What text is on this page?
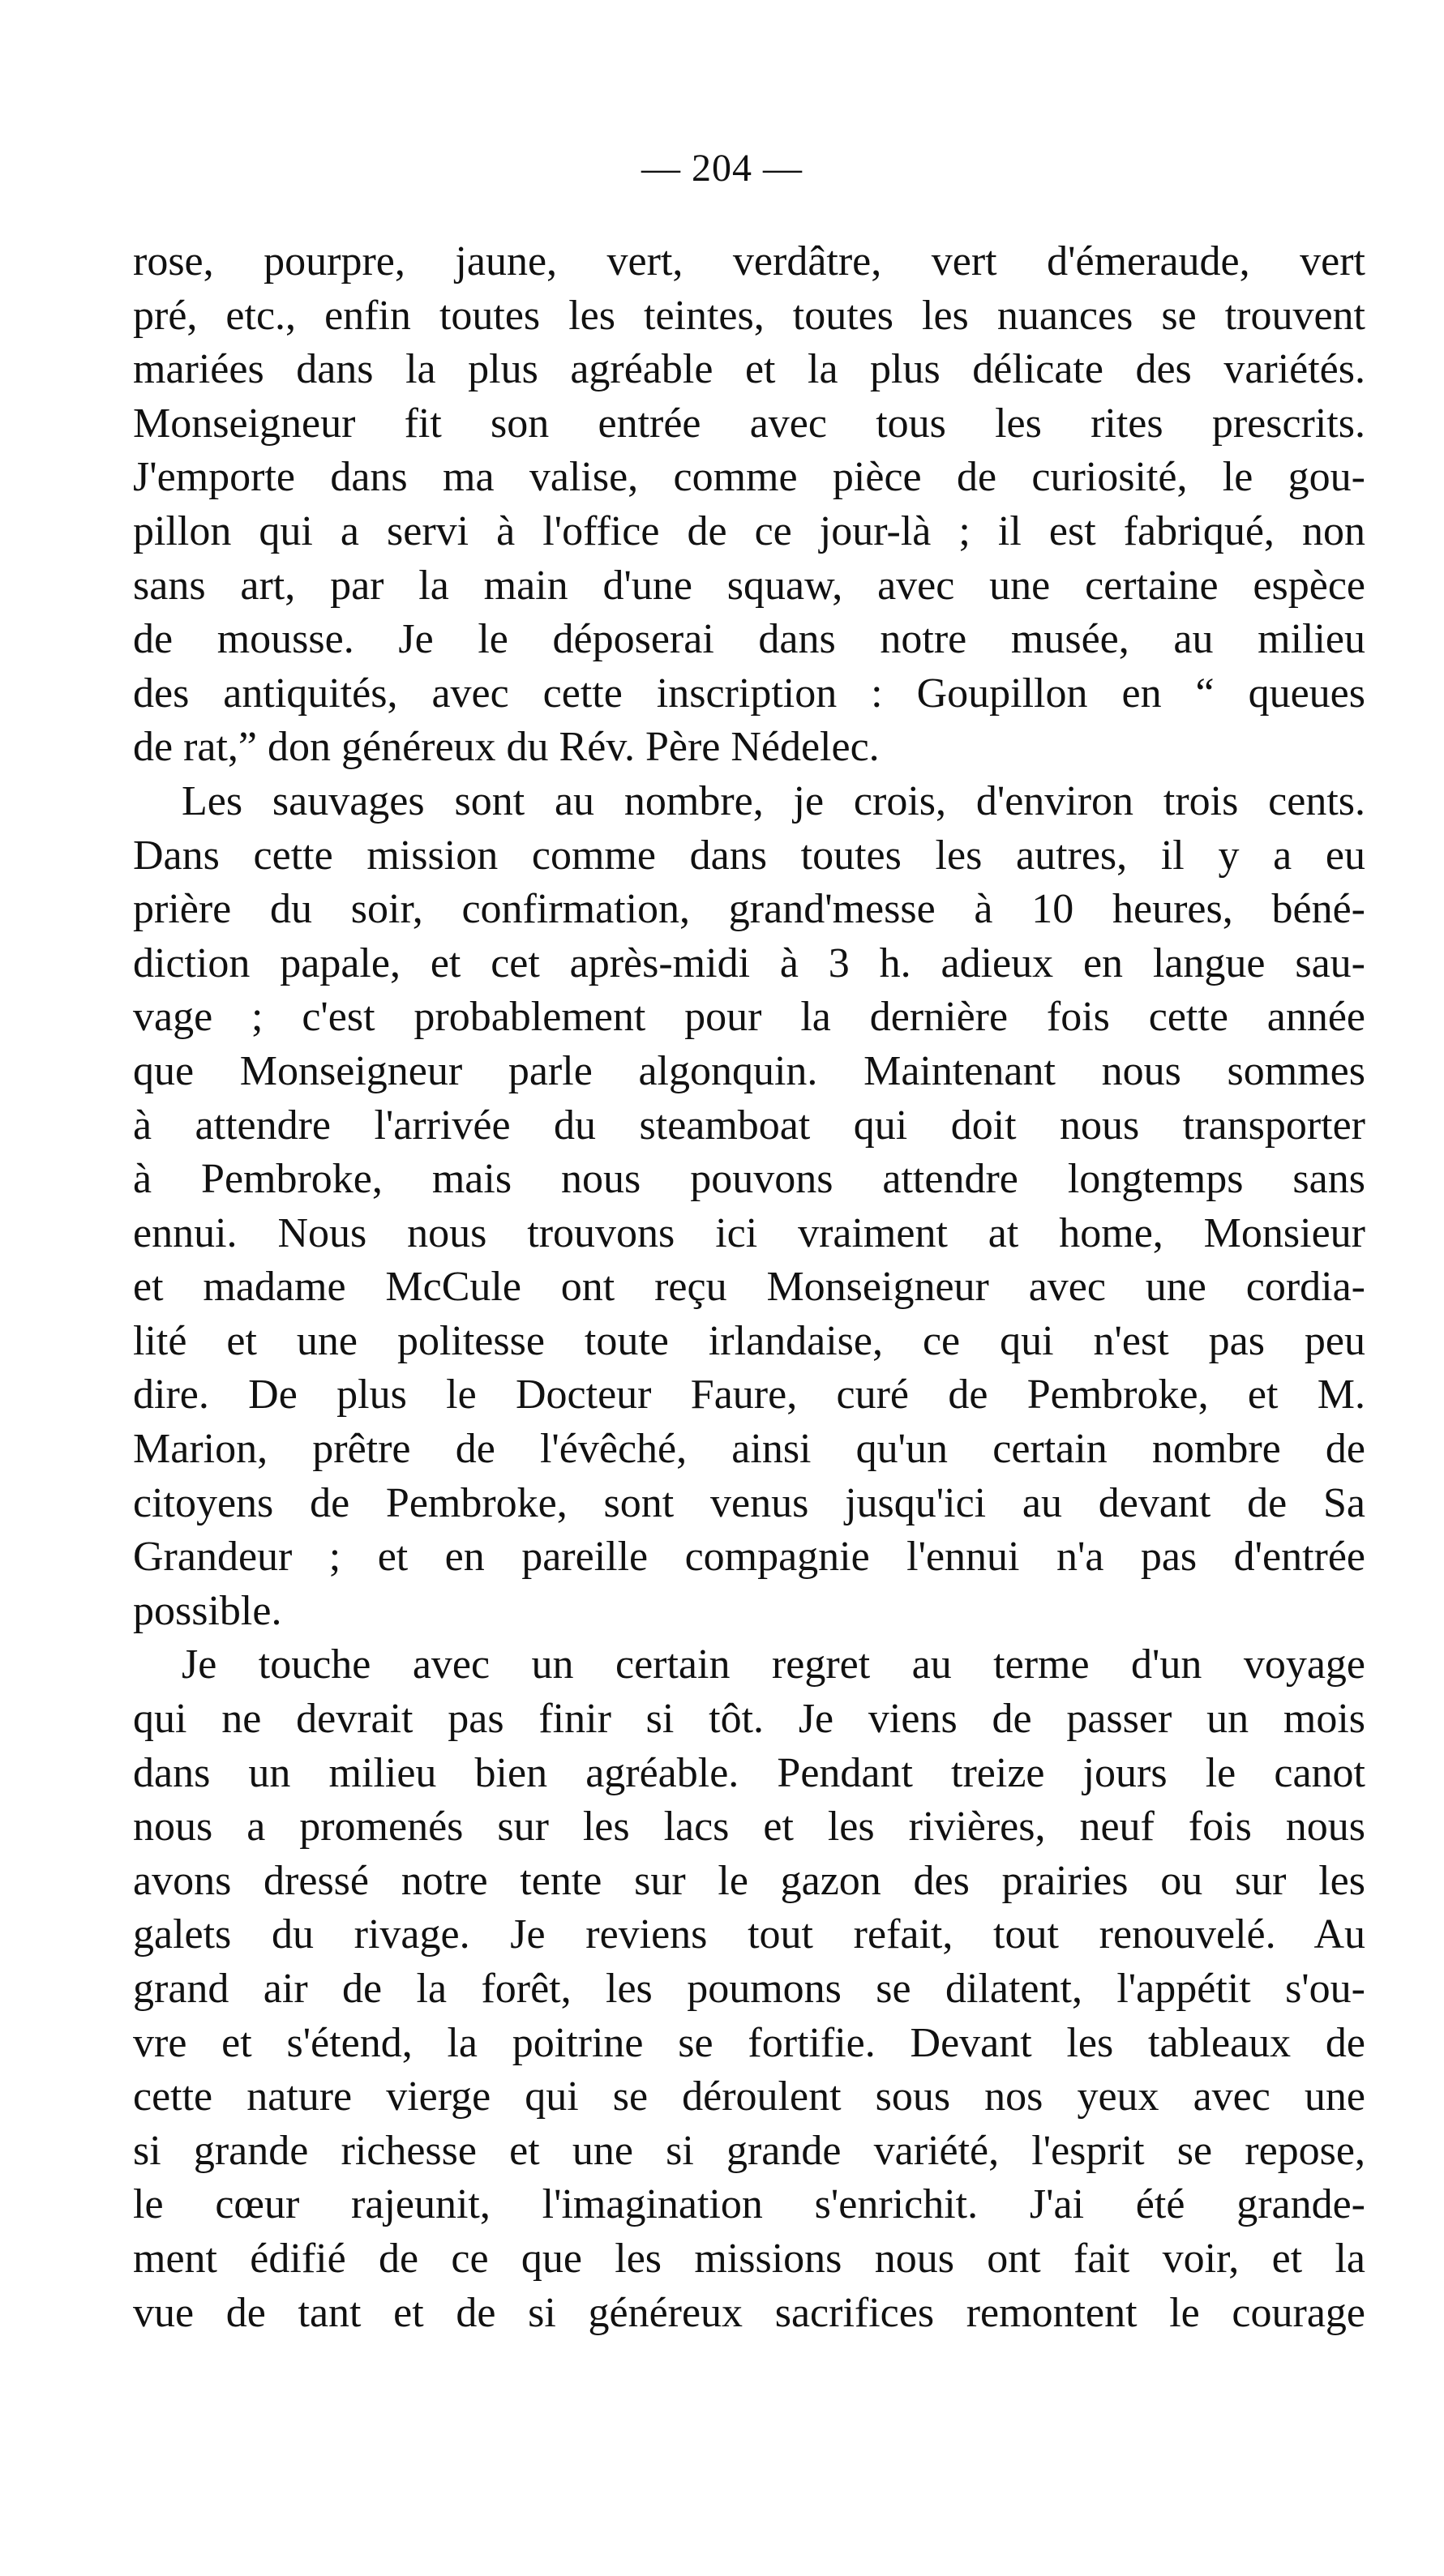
— 204 —
rose, pourpre, jaune, vert, verdâtre, vert d'émeraude, vert
pré, etc., enfin toutes les teintes, toutes les nuances se trouvent
mariées dans la plus agréable et la plus délicate des variétés.
Monseigneur fit son entrée avec tous les rites prescrits.
J'emporte dans ma valise, comme pièce de curiosité, le gou-
pillon qui a servi à l'office de ce jour-là ; il est fabriqué, non
sans art, par la main d'une squaw, avec une certaine espèce
de mousse. Je le déposerai dans notre musée, au milieu
des antiquités, avec cette inscription : Goupillon en “ queues
de rat,” don généreux du Rév. Père Nédelec.
Les sauvages sont au nombre, je crois, d'environ trois cents.
Dans cette mission comme dans toutes les autres, il y a eu
prière du soir, confirmation, grand'messe à 10 heures, béné-
diction papale, et cet après-midi à 3 h. adieux en langue sau-
vage ; c'est probablement pour la dernière fois cette année
que Monseigneur parle algonquin. Maintenant nous sommes
à attendre l'arrivée du steamboat qui doit nous transporter
à Pembroke, mais nous pouvons attendre longtemps sans
ennui. Nous nous trouvons ici vraiment at home, Monsieur
et madame McCule ont reçu Monseigneur avec une cordia-
lité et une politesse toute irlandaise, ce qui n'est pas peu
dire. De plus le Docteur Faure, curé de Pembroke, et M.
Marion, prêtre de l'évêché, ainsi qu'un certain nombre de
citoyens de Pembroke, sont venus jusqu'ici au devant de Sa
Grandeur ; et en pareille compagnie l'ennui n'a pas d'entrée
possible.
Je touche avec un certain regret au terme d'un voyage
qui ne devrait pas finir si tôt. Je viens de passer un mois
dans un milieu bien agréable. Pendant treize jours le canot
nous a promenés sur les lacs et les rivières, neuf fois nous
avons dressé notre tente sur le gazon des prairies ou sur les
galets du rivage. Je reviens tout refait, tout renouvelé. Au
grand air de la forêt, les poumons se dilatent, l'appétit s'ou-
vre et s'étend, la poitrine se fortifie. Devant les tableaux de
cette nature vierge qui se déroulent sous nos yeux avec une
si grande richesse et une si grande variété, l'esprit se repose,
le cœur rajeunit, l'imagination s'enrichit. J'ai été grande-
ment édifié de ce que les missions nous ont fait voir, et la
vue de tant et de si généreux sacrifices remontent le courage
